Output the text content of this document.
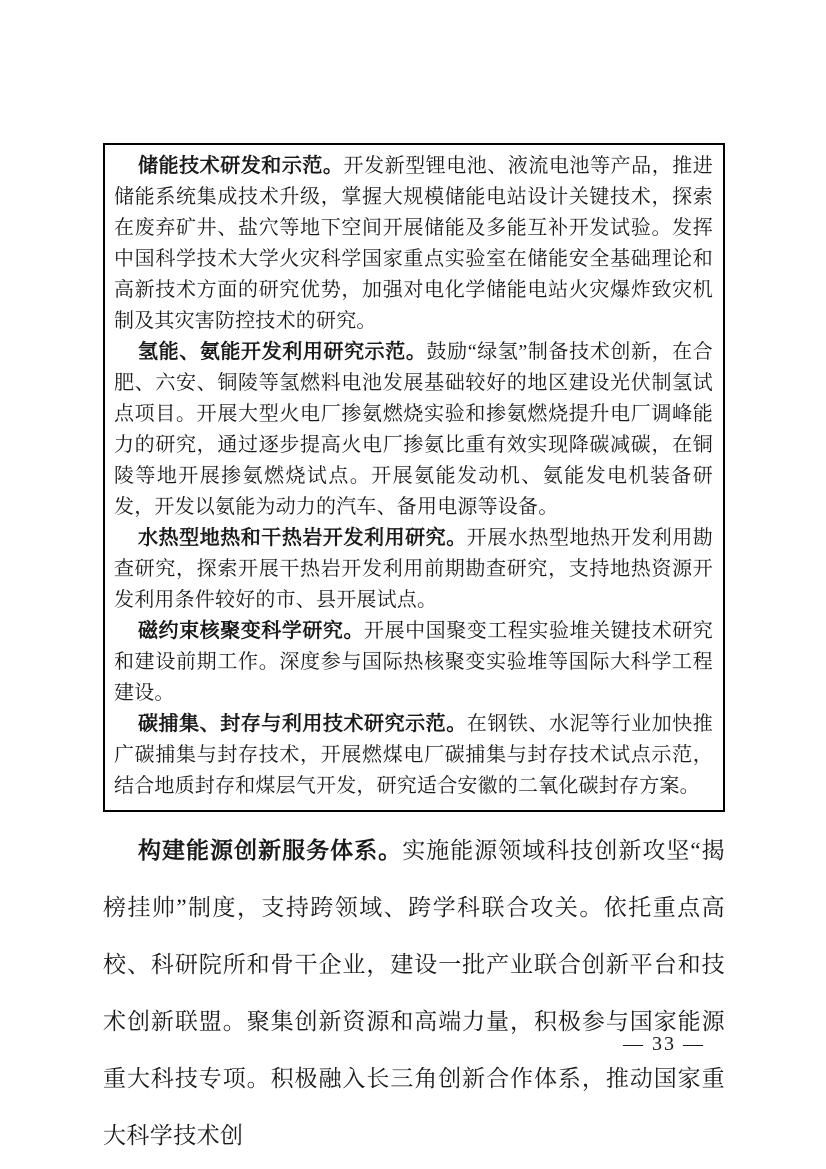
储能技术研发和示范。开发新型锂电池、液流电池等产品，推进储能系统集成技术升级，掌握大规模储能电站设计关键技术，探索在废弃矿井、盐穴等地下空间开展储能及多能互补开发试验。发挥中国科学技术大学火灾科学国家重点实验室在储能安全基础理论和高新技术方面的研究优势，加强对电化学储能电站火灾爆炸致灾机制及其灾害防控技术的研究。

氢能、氨能开发利用研究示范。鼓励“绿氢”制备技术创新，在合肥、六安、铜陵等氢燃料电池发展基础较好的地区建设光伏制氢试点项目。开展大型火电厂掺氨燃烧实验和掺氨燃烧提升电厂调峰能力的研究，通过逐步提高火电厂掺氨比重有效实现降碳减碳，在铜陵等地开展掺氨燃烧试点。开展氨能发动机、氨能发电机装备研发，开发以氨能为动力的汽车、备用电源等设备。

水热型地热和干热岩开发利用研究。开展水热型地热开发利用勘查研究，探索开展干热岩开发利用前期勘查研究，支持地热资源开发利用条件较好的市、县开展试点。

磁约束核聚变科学研究。开展中国聚变工程实验堆关键技术研究和建设前期工作。深度参与国际热核聚变实验堆等国际大科学工程建设。

碳捕集、封存与利用技术研究示范。在钢铁、水泥等行业加快推广碳捕集与封存技术，开展燃煤电厂碳捕集与封存技术试点示范，结合地质封存和煤层气开发，研究适合安徽的二氧化碳封存方案。

构建能源创新服务体系。实施能源领域科技创新攻坚“揭榜挂帅”制度，支持跨领域、跨学科联合攻关。依托重点高校、科研院所和骨干企业，建设一批产业联合创新平台和技术创新联盟。聚集创新资源和高端力量，积极参与国家能源重大科技专项。积极融入长三角创新合作体系，推动国家重大科学技术创

— 33 —
